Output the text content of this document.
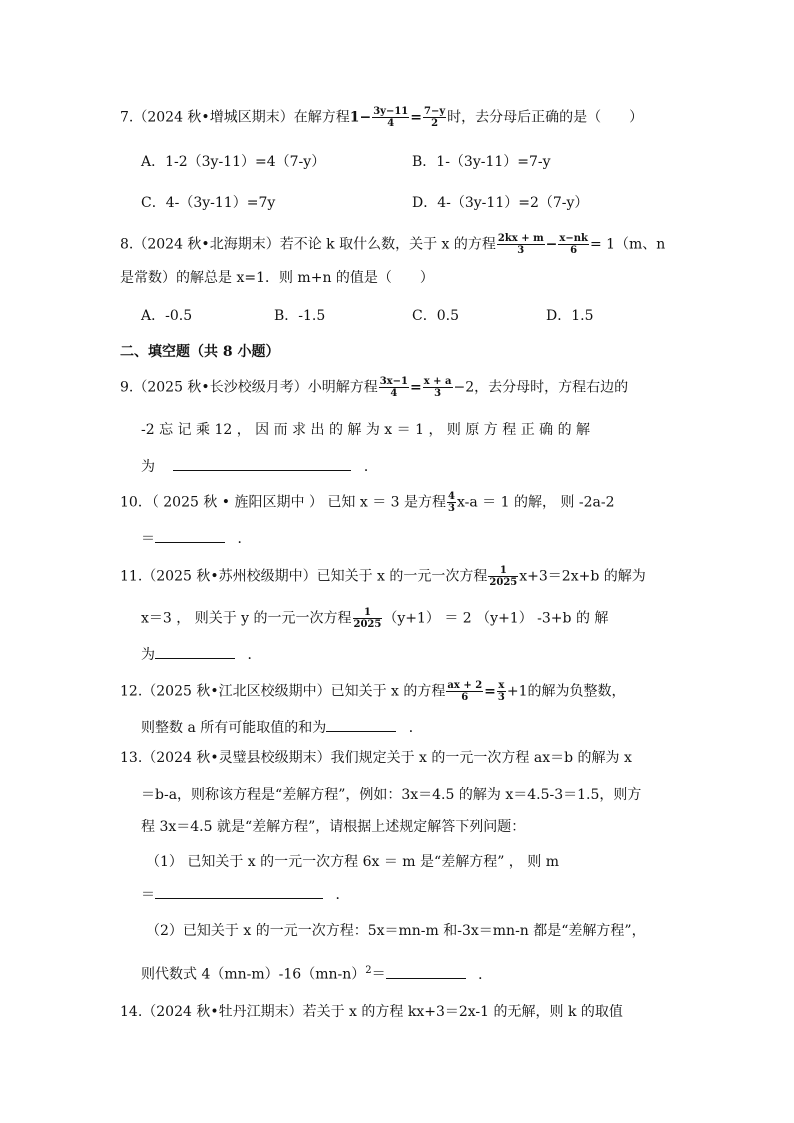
7.（2024 秋•增城区期末）在解方程$1- \frac{3y-11}{4} = \frac{7-y}{2}$ 时，去分母后正确的是（　　）
A．1-2（3y-11）=4（7-y）	B．1-（3y-11）=7-y
C．4-（3y-11）=7y	D．4-（3y-11）=2（7-y）
8.（2024 秋•北海期末）若不论 k 取什么数，关于 x 的方程 $\frac{2kx + m}{3} - \frac{x-nk}{6} = 1(m$、n
是常数）的解总是 x=1．则 m+n 的值是（　　）
A．-0.5	B．-1.5	C．0.5	D．1.5
二、填空题（共 8 小题）
9.（2025 秋•长沙校级月考）小明解方程 $\frac{3x-1}{4} = \frac{x + a}{3} -2$，去分母时，方程右边的
-2 忘 记 乘 12 ， 因 而 求 出 的 解 为 x ＝ 1 ， 则 原 方 程 正 确 的 解
为	．
10．（ 2025 秋 • 旌阳区期中 ） 已知 x ＝ 3 是方程 $\frac{4}{3} x-a = 1$ 的解， 则 -2a-2
＝	．
11.（2025 秋•苏州校级期中）已知关于 x 的一元一次方程 $\frac{1}{2025} x+3=2x+b$ 的解为
x＝3 ， 则关于 y 的一元一次方程 $\frac{1}{2025} (y+1) = 2$ （y+1） -3+b 的 解
为	．
12.（2025 秋•江北区校级期中）已知关于 x 的方程 $\frac{ax + 2}{6} = \frac{x}{3} +1$的解为负整数，
则整数 a 所有可能取值的和为	．
13.（2024 秋•灵璧县校级期末）我们规定关于 x 的一元一次方程 ax＝b 的解为 x
＝b-a，则称该方程是“差解方程”，例如：3x＝4.5 的解为 x＝4.5-3＝1.5，则方
程 3x＝4.5 就是“差解方程”，请根据上述规定解答下列问题：
（1） 已知关于 x 的一元一次方程 6x ＝ m 是“差解方程” ， 则 m
＝	．
（2）已知关于 x 的一元一次方程：5x＝mn-m 和-3x＝mn-n 都是“差解方程”，
则代数式 $4(mn-m)-16(mn-n)^2=$	．
14.（2024 秋•牡丹江期末）若关于 x 的方程 kx+3＝2x-1 的无解，则 k 的取值
